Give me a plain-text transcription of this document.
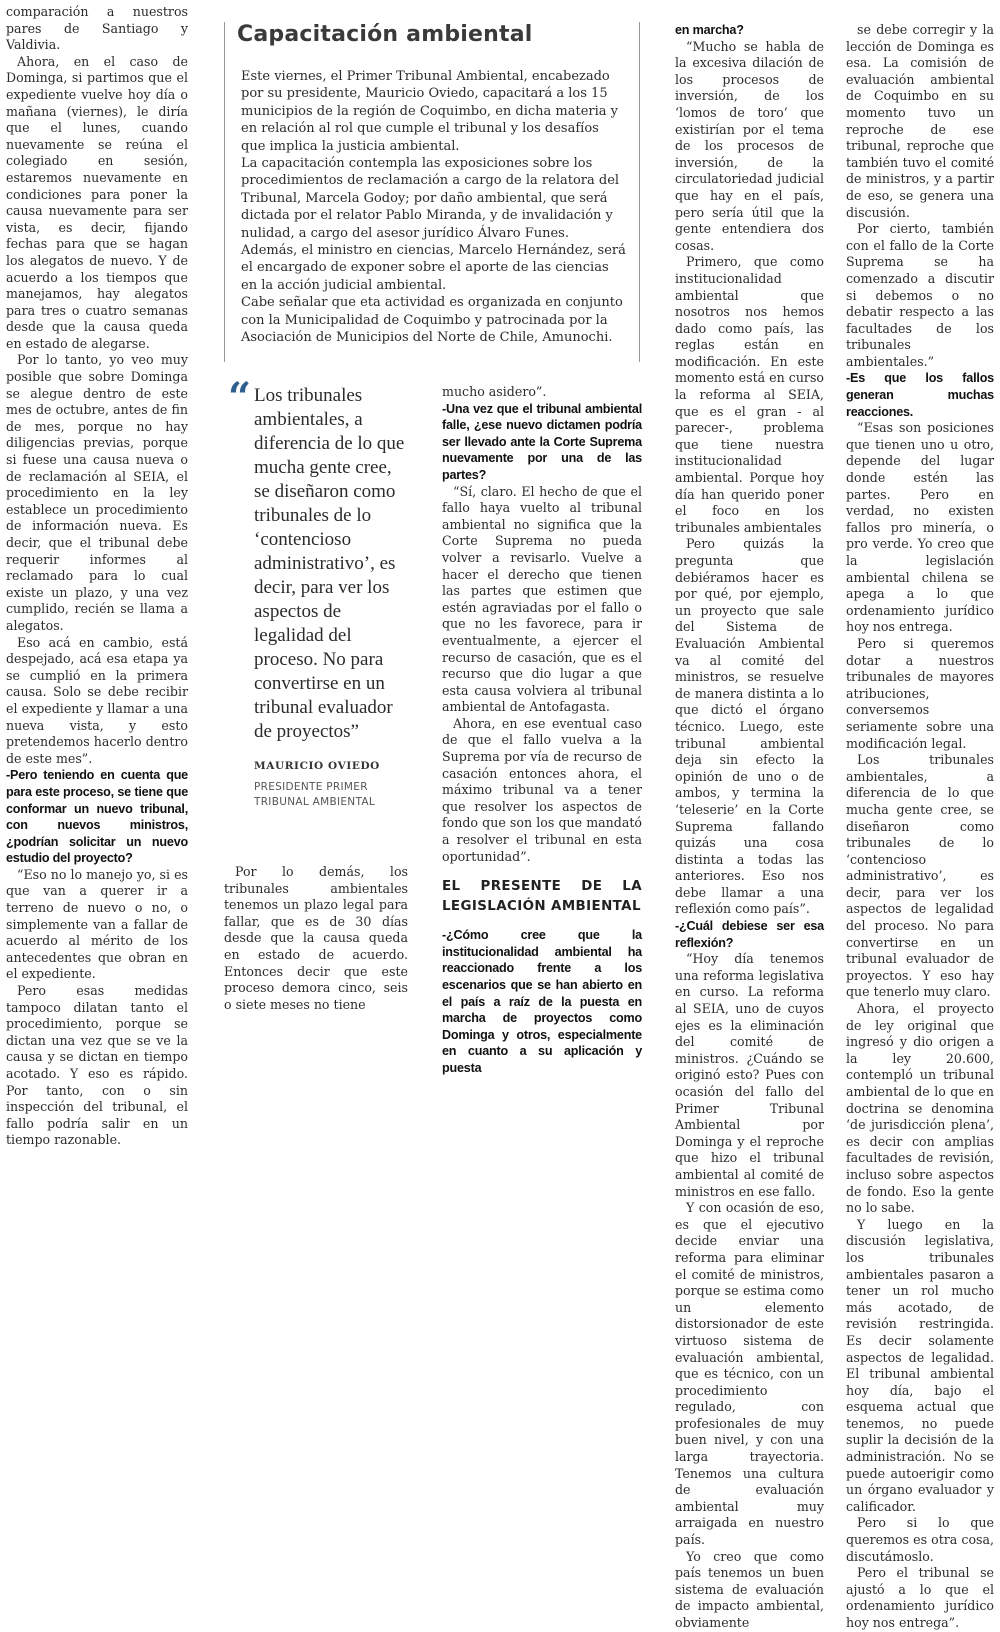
comparación a nuestros pares de Santiago y Valdivia.

Ahora, en el caso de Dominga, si partimos que el expediente vuelve hoy día o mañana (viernes), le diría que el lunes, cuando nuevamente se reúna el colegiado en sesión, estaremos nuevamente en condiciones para poner la causa nuevamente para ser vista, es decir, fijando fechas para que se hagan los alegatos de nuevo. Y de acuerdo a los tiempos que manejamos, hay alegatos para tres o cuatro semanas desde que la causa queda en estado de alegarse.

Por lo tanto, yo veo muy posible que sobre Dominga se alegue dentro de este mes de octubre, antes de fin de mes, porque no hay diligencias previas, porque si fuese una causa nueva o de reclamación al SEIA, el procedimiento en la ley establece un procedimiento de información nueva. Es decir, que el tribunal debe requerir informes al reclamado para lo cual existe un plazo, y una vez cumplido, recién se llama a alegatos.

Eso acá en cambio, está despejado, acá esa etapa ya se cumplió en la primera causa. Solo se debe recibir el expediente y llamar a una nueva vista, y esto pretendemos hacerlo dentro de este mes”.

-Pero teniendo en cuenta que para este proceso, se tiene que conformar un nuevo tribunal, con nuevos ministros, ¿podrían solicitar un nuevo estudio del proyecto?

“Eso no lo manejo yo, si es que van a querer ir a terreno de nuevo o no, o simplemente van a fallar de acuerdo al mérito de los antecedentes que obran en el expediente.

Pero esas medidas tampoco dilatan tanto el procedimiento, porque se dictan una vez que se ve la causa y se dictan en tiempo acotado. Y eso es rápido. Por tanto, con o sin inspección del tribunal, el fallo podría salir en un tiempo razonable.

Capacitación ambiental

Este viernes, el Primer Tribunal Ambiental, encabezado por su presidente, Mauricio Oviedo, capacitará a los 15 municipios de la región de Coquimbo, en dicha materia y en relación al rol que cumple el tribunal y los desafíos que implica la justicia ambiental.

La capacitación contempla las exposiciones sobre los procedimientos de reclamación a cargo de la relatora del Tribunal, Marcela Godoy; por daño ambiental, que será dictada por el relator Pablo Miranda, y de invalidación y nulidad, a cargo del asesor jurídico Álvaro Funes. Además, el ministro en ciencias, Marcelo Hernández, será el encargado de exponer sobre el aporte de las ciencias en la acción judicial ambiental.

Cabe señalar que eta actividad es organizada en conjunto con la Municipalidad de Coquimbo y patrocinada por la Asociación de Municipios del Norte de Chile, Amunochi.

“ Los tribunales ambientales, a diferencia de lo que mucha gente cree, se diseñaron como tribunales de lo ‘contencioso administrativo’, es decir, para ver los aspectos de legalidad del proceso. No para convertirse en un tribunal evaluador de proyectos”
MAURICIO OVIEDO
PRESIDENTE PRIMER TRIBUNAL AMBIENTAL

Por lo demás, los tribunales ambientales tenemos un plazo legal para fallar, que es de 30 días desde que la causa queda en estado de acuerdo. Entonces decir que este proceso demora cinco, seis o siete meses no tiene

mucho asidero”.

-Una vez que el tribunal ambiental falle, ¿ese nuevo dictamen podría ser llevado ante la Corte Suprema nuevamente por una de las partes?

“Sí, claro. El hecho de que el fallo haya vuelto al tribunal ambiental no significa que la Corte Suprema no pueda volver a revisarlo. Vuelve a hacer el derecho que tienen las partes que estimen que estén agraviadas por el fallo o que no les favorece, para ir eventualmente, a ejercer el recurso de casación, que es el recurso que dio lugar a que esta causa volviera al tribunal ambiental de Antofagasta.

Ahora, en ese eventual caso de que el fallo vuelva a la Suprema por vía de recurso de casación entonces ahora, el máximo tribunal va a tener que resolver los aspectos de fondo que son los que mandató a resolver el tribunal en esta oportunidad”.

EL PRESENTE DE LA LEGISLACIÓN AMBIENTAL

-¿Cómo cree que la institucionalidad ambiental ha reaccionado frente a los escenarios que se han abierto en el país a raíz de la puesta en marcha de proyectos como Dominga y otros, especialmente en cuanto a su aplicación y puesta

en marcha?

“Mucho se habla de la excesiva dilación de los procesos de inversión, de los ‘lomos de toro’ que existirían por el tema de los procesos de inversión, de la circulatoriedad judicial que hay en el país, pero sería útil que la gente entendiera dos cosas.

Primero, que como institucionalidad ambiental que nosotros nos hemos dado como país, las reglas están en modificación. En este momento está en curso la reforma al SEIA, que es el gran - al parecer-, problema que tiene nuestra institucionalidad ambiental. Porque hoy día han querido poner el foco en los tribunales ambientales

Pero quizás la pregunta que debiéramos hacer es por qué, por ejemplo, un proyecto que sale del Sistema de Evaluación Ambiental va al comité del ministros, se resuelve de manera distinta a lo que dictó el órgano técnico. Luego, este tribunal ambiental deja sin efecto la opinión de uno o de ambos, y termina la ‘teleserie’ en la Corte Suprema fallando quizás una cosa distinta a todas las anteriores. Eso nos debe llamar a una reflexión como país”.

-¿Cuál debiese ser esa reflexión?

“Hoy día tenemos una reforma legislativa en curso. La reforma al SEIA, uno de cuyos ejes es la eliminación del comité de ministros. ¿Cuándo se originó esto? Pues con ocasión del fallo del Primer Tribunal Ambiental por Dominga y el reproche que hizo el tribunal ambiental al comité de ministros en ese fallo.

Y con ocasión de eso, es que el ejecutivo decide enviar una reforma para eliminar el comité de ministros, porque se estima como un elemento distorsionador de este virtuoso sistema de evaluación ambiental, que es técnico, con un procedimiento regulado, con profesionales de muy buen nivel, y con una larga trayectoria. Tenemos una cultura de evaluación ambiental muy arraigada en nuestro país.

Yo creo que como país tenemos un buen sistema de evaluación de impacto ambiental, obviamente

se debe corregir y la lección de Dominga es esa. La comisión de evaluación ambiental de Coquimbo en su momento tuvo un reproche de ese tribunal, reproche que también tuvo el comité de ministros, y a partir de eso, se genera una discusión.

Por cierto, también con el fallo de la Corte Suprema se ha comenzado a discutir si debemos o no debatir respecto a las facultades de los tribunales ambientales.”

-Es que los fallos generan muchas reacciones.

“Esas son posiciones que tienen uno u otro, depende del lugar donde estén las partes. Pero en verdad, no existen fallos pro minería, o pro verde. Yo creo que la legislación ambiental chilena se apega a lo que ordenamiento jurídico hoy nos entrega.

Pero si queremos dotar a nuestros tribunales de mayores atribuciones, conversemos seriamente sobre una modificación legal.

Los tribunales ambientales, a diferencia de lo que mucha gente cree, se diseñaron como tribunales de lo ‘contencioso administrativo’, es decir, para ver los aspectos de legalidad del proceso. No para convertirse en un tribunal evaluador de proyectos. Y eso hay que tenerlo muy claro.

Ahora, el proyecto de ley original que ingresó y dio origen a la ley 20.600, contempló un tribunal ambiental de lo que en doctrina se denomina ‘de jurisdicción plena’, es decir con amplias facultades de revisión, incluso sobre aspectos de fondo. Eso la gente no lo sabe.

Y luego en la discusión legislativa, los tribunales ambientales pasaron a tener un rol mucho más acotado, de revisión restringida. Es decir solamente aspectos de legalidad. El tribunal ambiental hoy día, bajo el esquema actual que tenemos, no puede suplir la decisión de la administración. No se puede autoerigir como un órgano evaluador y calificador.

Pero si lo que queremos es otra cosa, discutámoslo.

Pero el tribunal se ajustó a lo que el ordenamiento jurídico hoy nos entrega”.
